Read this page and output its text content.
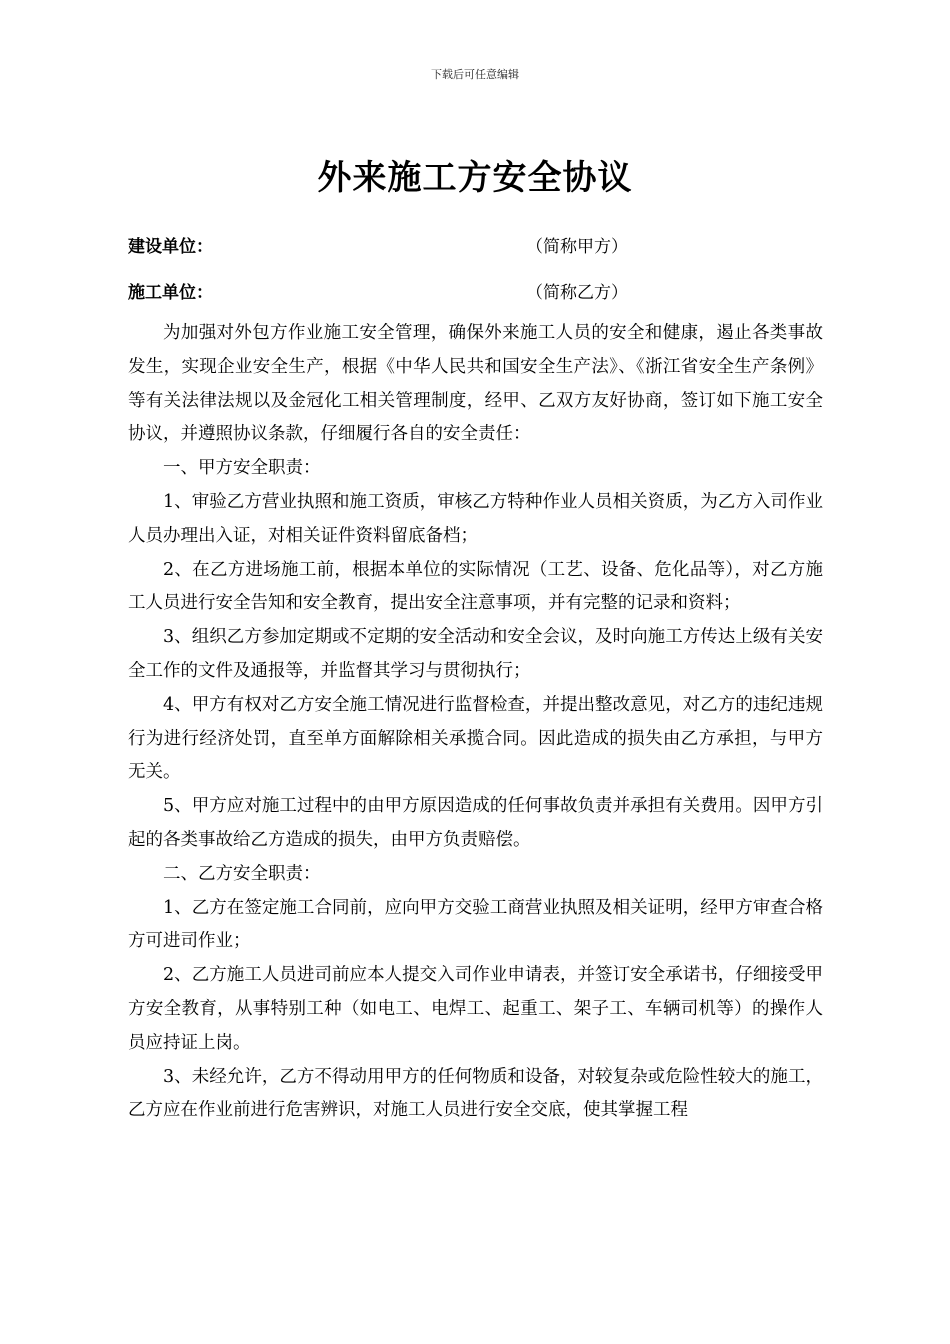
下载后可任意编辑
外来施工方安全协议
建设单位：	（简称甲方）
施工单位：	（简称乙方）

为加强对外包方作业施工安全管理，确保外来施工人员的安全和健康，遏止各类事故发生，实现企业安全生产，根据《中华人民共和国安全生产法》、《浙江省安全生产条例》等有关法律法规以及金冠化工相关管理制度，经甲、乙双方友好协商，签订如下施工安全协议，并遵照协议条款，仔细履行各自的安全责任：

一、甲方安全职责：

1、审验乙方营业执照和施工资质，审核乙方特种作业人员相关资质，为乙方入司作业人员办理出入证，对相关证件资料留底备档；

2、在乙方进场施工前，根据本单位的实际情况（工艺、设备、危化品等），对乙方施工人员进行安全告知和安全教育，提出安全注意事项，并有完整的记录和资料；

3、组织乙方参加定期或不定期的安全活动和安全会议，及时向施工方传达上级有关安全工作的文件及通报等，并监督其学习与贯彻执行；

4、甲方有权对乙方安全施工情况进行监督检查，并提出整改意见，对乙方的违纪违规行为进行经济处罚，直至单方面解除相关承揽合同。因此造成的损失由乙方承担，与甲方无关。

5、甲方应对施工过程中的由甲方原因造成的任何事故负责并承担有关费用。因甲方引起的各类事故给乙方造成的损失，由甲方负责赔偿。

二、乙方安全职责：

1、乙方在签定施工合同前，应向甲方交验工商营业执照及相关证明，经甲方审查合格方可进司作业；

2、乙方施工人员进司前应本人提交入司作业申请表，并签订安全承诺书，仔细接受甲方安全教育，从事特别工种（如电工、电焊工、起重工、架子工、车辆司机等）的操作人员应持证上岗。

3、未经允许，乙方不得动用甲方的任何物质和设备，对较复杂或危险性较大的施工，乙方应在作业前进行危害辨识，对施工人员进行安全交底，使其掌握工程
